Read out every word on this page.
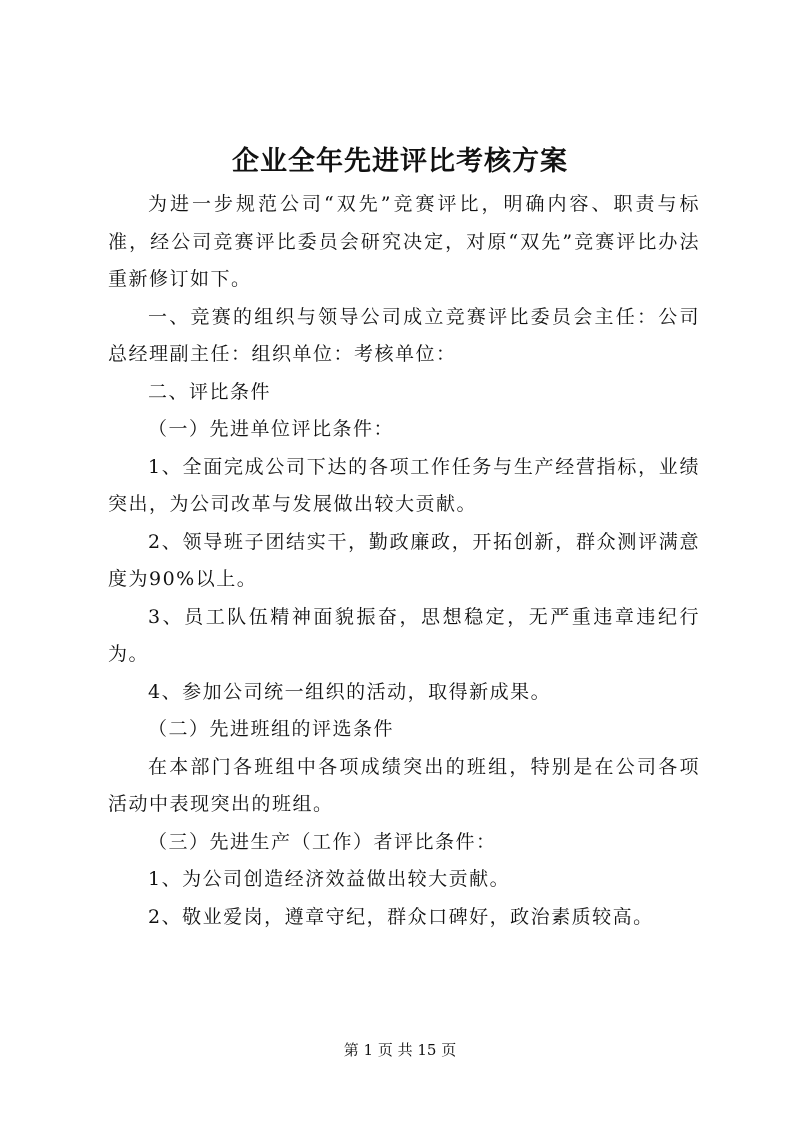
企业全年先进评比考核方案

为进一步规范公司“双先”竞赛评比，明确内容、职责与标准，经公司竞赛评比委员会研究决定，对原“双先”竞赛评比办法重新修订如下。

一、竞赛的组织与领导公司成立竞赛评比委员会主任：公司总经理副主任：组织单位：考核单位：

二、评比条件

（一）先进单位评比条件：

1、全面完成公司下达的各项工作任务与生产经营指标，业绩突出，为公司改革与发展做出较大贡献。

2、领导班子团结实干，勤政廉政，开拓创新，群众测评满意度为90%以上。

3、员工队伍精神面貌振奋，思想稳定，无严重违章违纪行为。

4、参加公司统一组织的活动，取得新成果。

（二）先进班组的评选条件

在本部门各班组中各项成绩突出的班组，特别是在公司各项活动中表现突出的班组。

（三）先进生产（工作）者评比条件：

1、为公司创造经济效益做出较大贡献。

2、敬业爱岗，遵章守纪，群众口碑好，政治素质较高。

第 1 页 共 15 页
